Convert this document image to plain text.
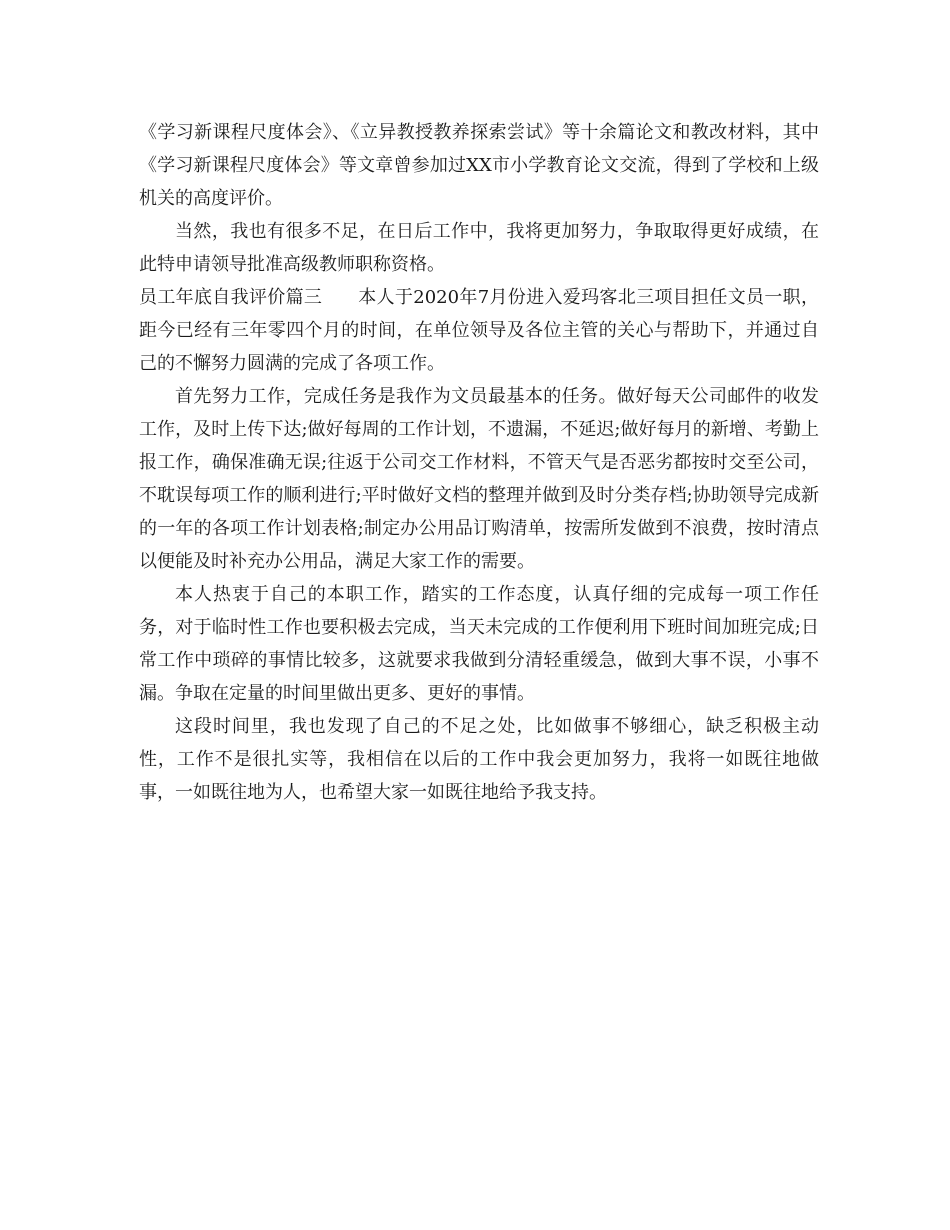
《学习新课程尺度体会》、《立异教授教养探索尝试》等十余篇论文和教改材料，其中《学习新课程尺度体会》等文章曾参加过XX市小学教育论文交流，得到了学校和上级机关的高度评价。

当然，我也有很多不足，在日后工作中，我将更加努力，争取取得更好成绩，在此特申请领导批准高级教师职称资格。

员工年底自我评价篇三 本人于2020年7月份进入爱玛客北三项目担任文员一职，距今已经有三年零四个月的时间，在单位领导及各位主管的关心与帮助下，并通过自己的不懈努力圆满的完成了各项工作。

首先努力工作，完成任务是我作为文员最基本的任务。做好每天公司邮件的收发工作，及时上传下达;做好每周的工作计划，不遗漏，不延迟;做好每月的新增、考勤上报工作，确保准确无误;往返于公司交工作材料，不管天气是否恶劣都按时交至公司，不耽误每项工作的顺利进行;平时做好文档的整理并做到及时分类存档;协助领导完成新的一年的各项工作计划表格;制定办公用品订购清单，按需所发做到不浪费，按时清点以便能及时补充办公用品，满足大家工作的需要。

本人热衷于自己的本职工作，踏实的工作态度，认真仔细的完成每一项工作任务，对于临时性工作也要积极去完成，当天未完成的工作便利用下班时间加班完成;日常工作中琐碎的事情比较多，这就要求我做到分清轻重缓急，做到大事不误，小事不漏。争取在定量的时间里做出更多、更好的事情。

这段时间里，我也发现了自己的不足之处，比如做事不够细心，缺乏积极主动性，工作不是很扎实等，我相信在以后的工作中我会更加努力，我将一如既往地做事，一如既往地为人，也希望大家一如既往地给予我支持。
